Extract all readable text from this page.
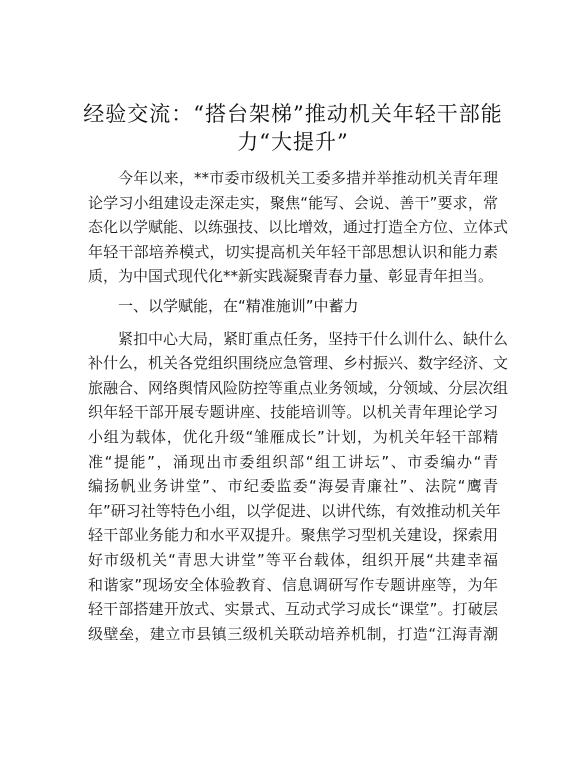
经验交流：“搭台架梯”推动机关年轻干部能
力“大提升”

今年以来，**市委市级机关工委多措并举推动机关青年理
论学习小组建设走深走实，聚焦“能写、会说、善干”要求，常
态化以学赋能、以练强技、以比增效，通过打造全方位、立体式
年轻干部培养模式，切实提高机关年轻干部思想认识和能力素
质，为中国式现代化**新实践凝聚青春力量、彰显青年担当。

一、以学赋能，在“精准施训”中蓄力

紧扣中心大局，紧盯重点任务，坚持干什么训什么、缺什么
补什么，机关各党组织围绕应急管理、乡村振兴、数字经济、文
旅融合、网络舆情风险防控等重点业务领域，分领域、分层次组
织年轻干部开展专题讲座、技能培训等。以机关青年理论学习
小组为载体，优化升级“雏雁成长”计划，为机关年轻干部精
准“提能”，涌现出市委组织部“组工讲坛”、市委编办“青
编扬帆业务讲堂”、市纪委监委“海晏青廉社”、法院“鹰青
年”研习社等特色小组，以学促进、以讲代练，有效推动机关年
轻干部业务能力和水平双提升。聚焦学习型机关建设，探索用
好市级机关“青思大讲堂”等平台载体，组织开展“共建幸福
和谐家”现场安全体验教育、信息调研写作专题讲座等，为年
轻干部搭建开放式、实景式、互动式学习成长“课堂”。打破层
级壁垒，建立市县镇三级机关联动培养机制，打造“江海青潮
